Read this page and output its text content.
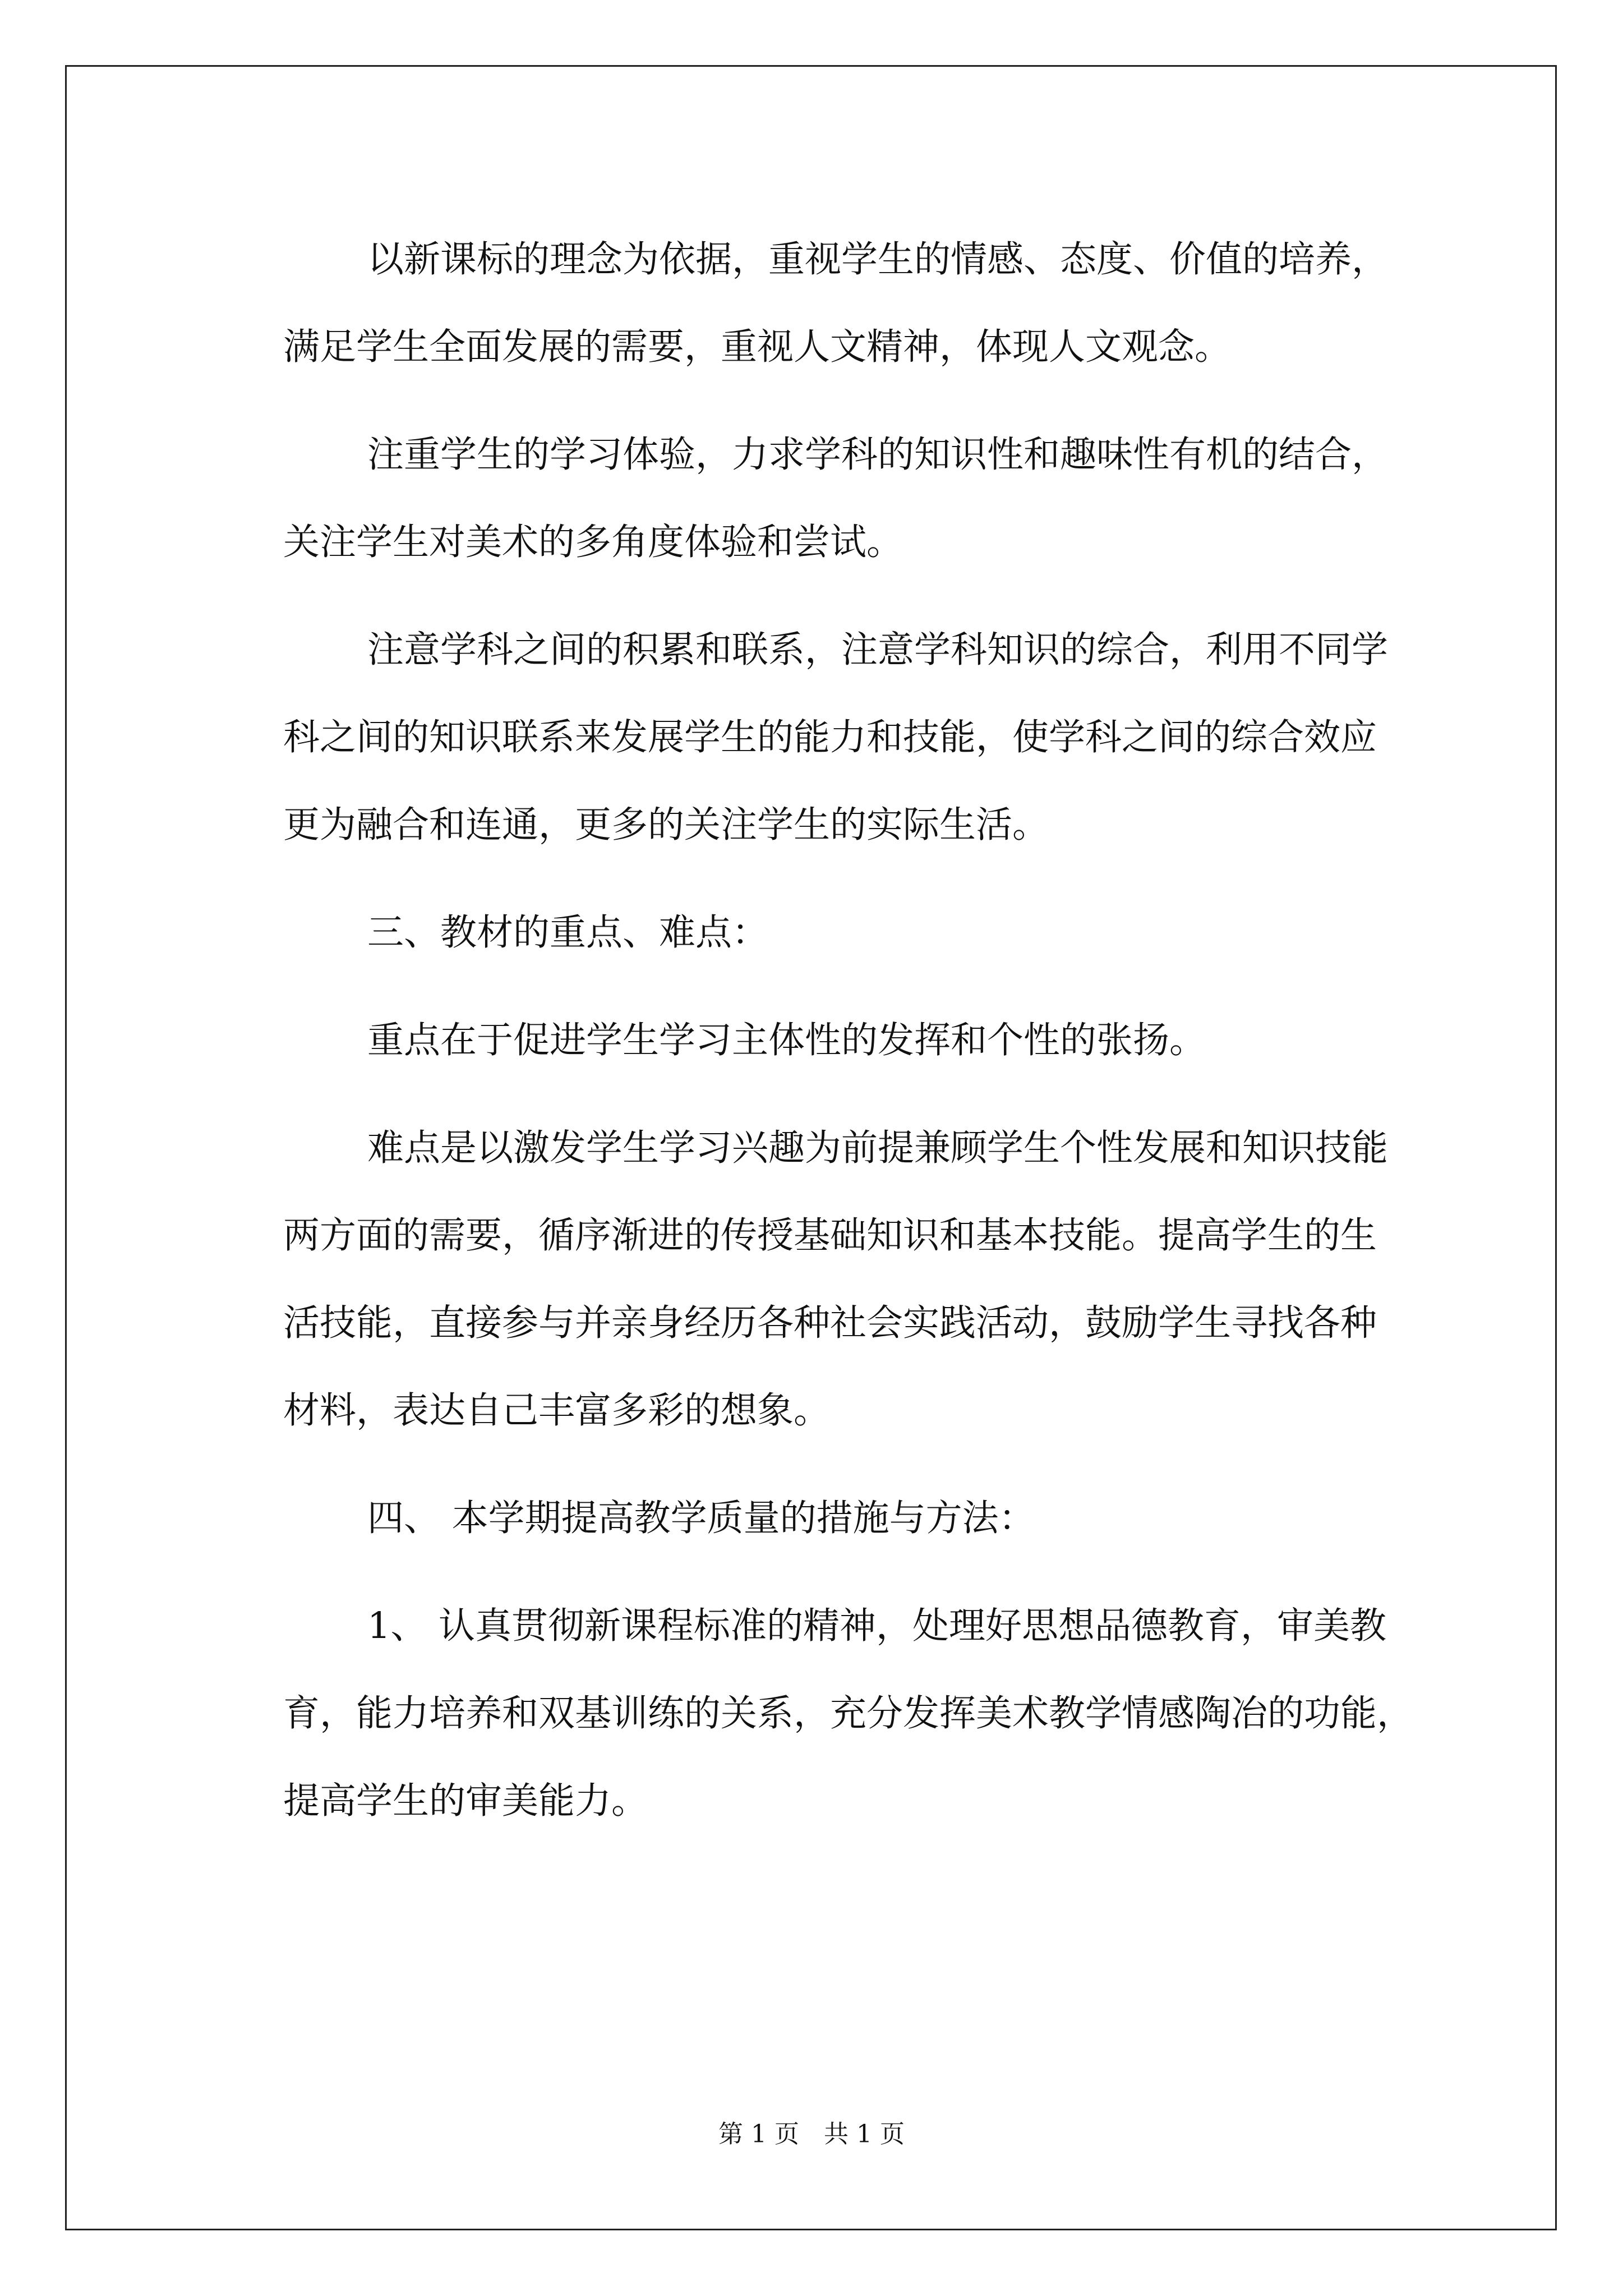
以新课标的理念为依据，重视学生的情感、态度、价值的培养，
满足学生全面发展的需要，重视人文精神，体现人文观念。
注重学生的学习体验，力求学科的知识性和趣味性有机的结合，
关注学生对美术的多角度体验和尝试。
注意学科之间的积累和联系，注意学科知识的综合，利用不同学
科之间的知识联系来发展学生的能力和技能，使学科之间的综合效应
更为融合和连通，更多的关注学生的实际生活。
三、教材的重点、难点：
重点在于促进学生学习主体性的发挥和个性的张扬。
难点是以激发学生学习兴趣为前提兼顾学生个性发展和知识技能
两方面的需要，循序渐进的传授基础知识和基本技能。提高学生的生
活技能，直接参与并亲身经历各种社会实践活动，鼓励学生寻找各种
材料，表达自己丰富多彩的想象。
四、 本学期提高教学质量的措施与方法：
1、 认真贯彻新课程标准的精神，处理好思想品德教育，审美教
育，能力培养和双基训练的关系，充分发挥美术教学情感陶冶的功能，
提高学生的审美能力。
第 1 页　共 1 页
